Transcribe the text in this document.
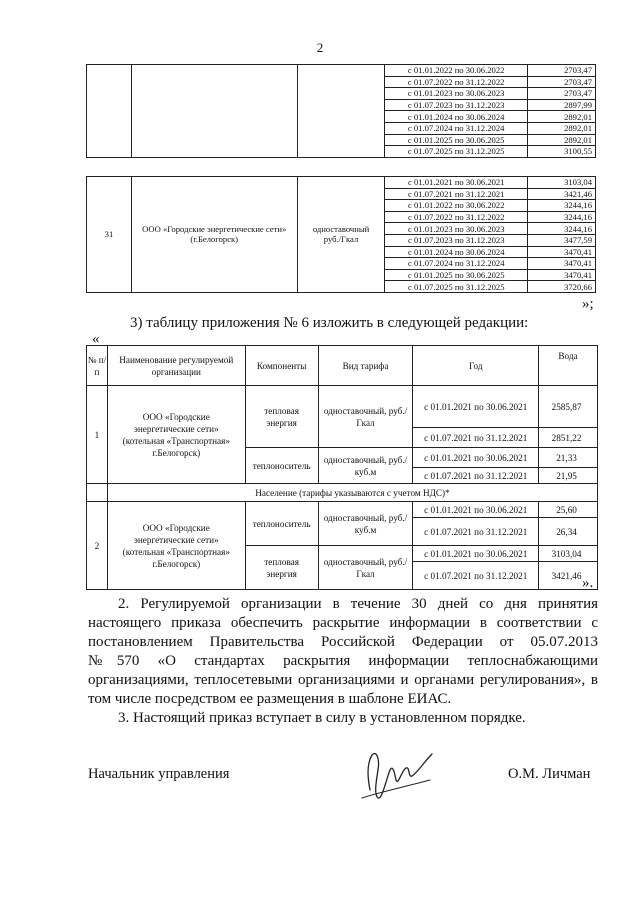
2
			с 01.01.2022 по 30.06.2022	2703,47
			с 01.07.2022 по 31.12.2022	2703,47
			с 01.01.2023 по 30.06.2023	2703,47
			с 01.07.2023 по 31.12.2023	2897,99
			с 01.01.2024 по 30.06.2024	2892,01
			с 01.07.2024 по 31.12.2024	2892,01
			с 01.01.2025 по 30.06.2025	2892,01
			с 01.07.2025 по 31.12.2025	3100,55
31	ООО «Городские энергетические сети» (г.Белогорск)	одноставочный руб./Гкал	с 01.01.2021 по 30.06.2021	3103,04
			с 01.07.2021 по 31.12.2021	3421,46
			с 01.01.2022 по 30.06.2022	3244,16
			с 01.07.2022 по 31.12.2022	3244,16
			с 01.01.2023 по 30.06.2023	3244,16
			с 01.07.2023 по 31.12.2023	3477,59
			с 01.01.2024 по 30.06.2024	3470,41
			с 01.07.2024 по 31.12.2024	3470,41
			с 01.01.2025 по 30.06.2025	3470,41
			с 01.07.2025 по 31.12.2025	3720,66
»;
3) таблицу приложения № 6 изложить в следующей редакции:
«
№ п/п	Наименование регулируемой организации	Компоненты	Вид тарифа	Год	Вода
1	ООО «Городские энергетические сети» (котельная «Транспортная» г.Белогорск)	тепловая энергия	одноставочный, руб./Гкал	с 01.01.2021 по 30.06.2021	2585,87
				с 01.07.2021 по 31.12.2021	2851,22
		теплоноситель	одноставочный, руб./куб.м	с 01.01.2021 по 30.06.2021	21,33
				с 01.07.2021 по 31.12.2021	21,95
	Население (тарифы указываются с учетом НДС)*				
2	ООО «Городские энергетические сети» (котельная «Транспортная» г.Белогорск)	теплоноситель	одноставочный, руб./куб.м	с 01.01.2021 по 30.06.2021	25,60
				с 01.07.2021 по 31.12.2021	26,34
		тепловая энергия	одноставочный, руб./Гкал	с 01.01.2021 по 30.06.2021	3103,04
				с 01.07.2021 по 31.12.2021	3421,46 ».
2. Регулируемой организации в течение 30 дней со дня принятия
настоящего приказа обеспечить раскрытие информации в соответствии с
постановлением Правительства Российской Федерации от 05.07.2013
№570 «О стандартах раскрытия информации теплоснабжающими
организациями, теплосетевыми организациями и органами регулирования», в
том числе посредством ее размещения в шаблоне ЕИАС.
3. Настоящий приказ вступает в силу в установленном порядке.
Начальник управления	О.М. Личман
